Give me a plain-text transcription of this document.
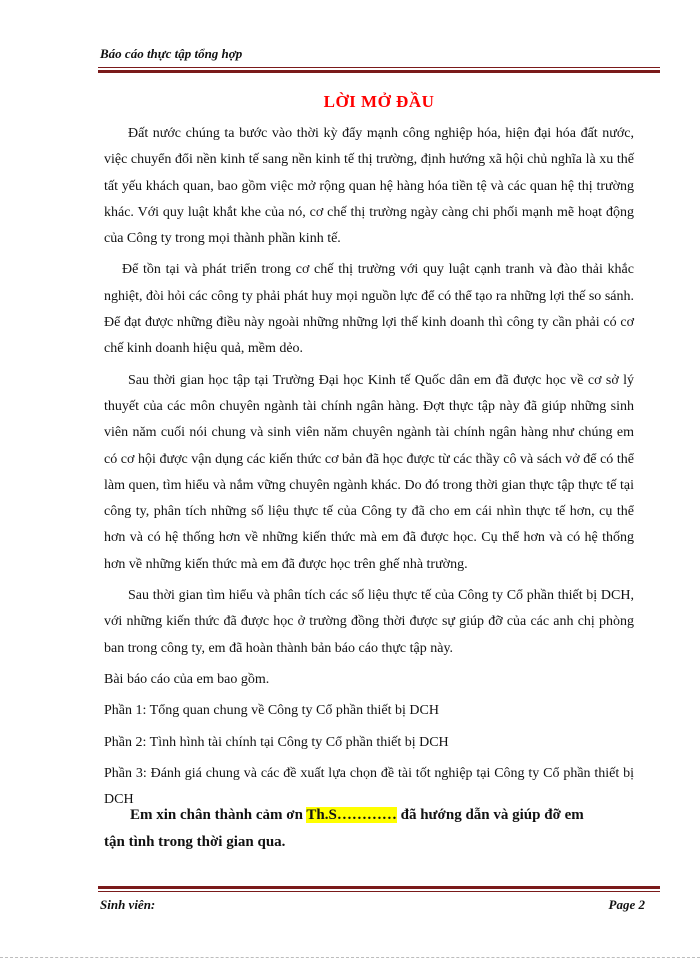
Báo cáo thực tập tổng hợp
LỜI MỞ ĐẦU

Đất nước chúng ta bước vào thời kỳ đẩy mạnh công nghiệp hóa, hiện đại hóa đất nước, việc chuyển đổi nền kinh tế sang nền kinh tế thị trường, định hướng xã hội chủ nghĩa là xu thế tất yếu khách quan, bao gồm việc mở rộng quan hệ hàng hóa tiền tệ và các quan hệ thị trường khác. Với quy luật khắt khe của nó, cơ chế thị trường ngày càng chi phối mạnh mẽ hoạt động của Công ty trong mọi thành phần kinh tế.

Để tồn tại và phát triển trong cơ chế thị trường với quy luật cạnh tranh và đào thải khắc nghiệt, đòi hỏi các công ty phải phát huy mọi nguồn lực để có thể tạo ra những lợi thế so sánh. Để đạt được những điều này ngoài những những lợi thế kinh doanh thì công ty cần phải có cơ chế kinh doanh hiệu quả, mềm dẻo.

Sau thời gian học tập tại Trường Đại học Kinh tế Quốc dân em đã được học về cơ sở lý thuyết của các môn chuyên ngành tài chính ngân hàng. Đợt thực tập này đã giúp những sinh viên năm cuối nói chung và sinh viên năm chuyên ngành tài chính ngân hàng như chúng em có cơ hội được vận dụng các kiến thức cơ bản đã học được từ các thầy cô và sách vở để có thể làm quen, tìm hiểu và nắm vững chuyên ngành khác. Do đó trong thời gian thực tập thực tế tại công ty, phân tích những số liệu thực tế của Công ty đã cho em cái nhìn thực tế hơn, cụ thể hơn và có hệ thống hơn về những kiến thức mà em đã được học. Cụ thể hơn và có hệ thống hơn về những kiến thức mà em đã được học trên ghế nhà trường.

Sau thời gian tìm hiểu và phân tích các số liệu thực tế của Công ty Cổ phần thiết bị DCH, với những kiến thức đã được học ở trường đồng thời được sự giúp đỡ của các anh chị phòng ban trong công ty, em đã hoàn thành bản báo cáo thực tập này.

Bài báo cáo của em bao gồm.

Phần 1: Tổng quan chung về Công ty Cổ phần thiết bị DCH

Phần 2: Tình hình tài chính tại Công ty Cổ phần thiết bị DCH

Phần 3: Đánh giá chung và các đề xuất lựa chọn đề tài tốt nghiệp tại Công ty Cổ phần thiết bị DCH

Em xin chân thành cảm ơn Th.S………… đã hướng dẫn và giúp đỡ em
tận tình trong thời gian qua.
Sinh viên:	Page 2
